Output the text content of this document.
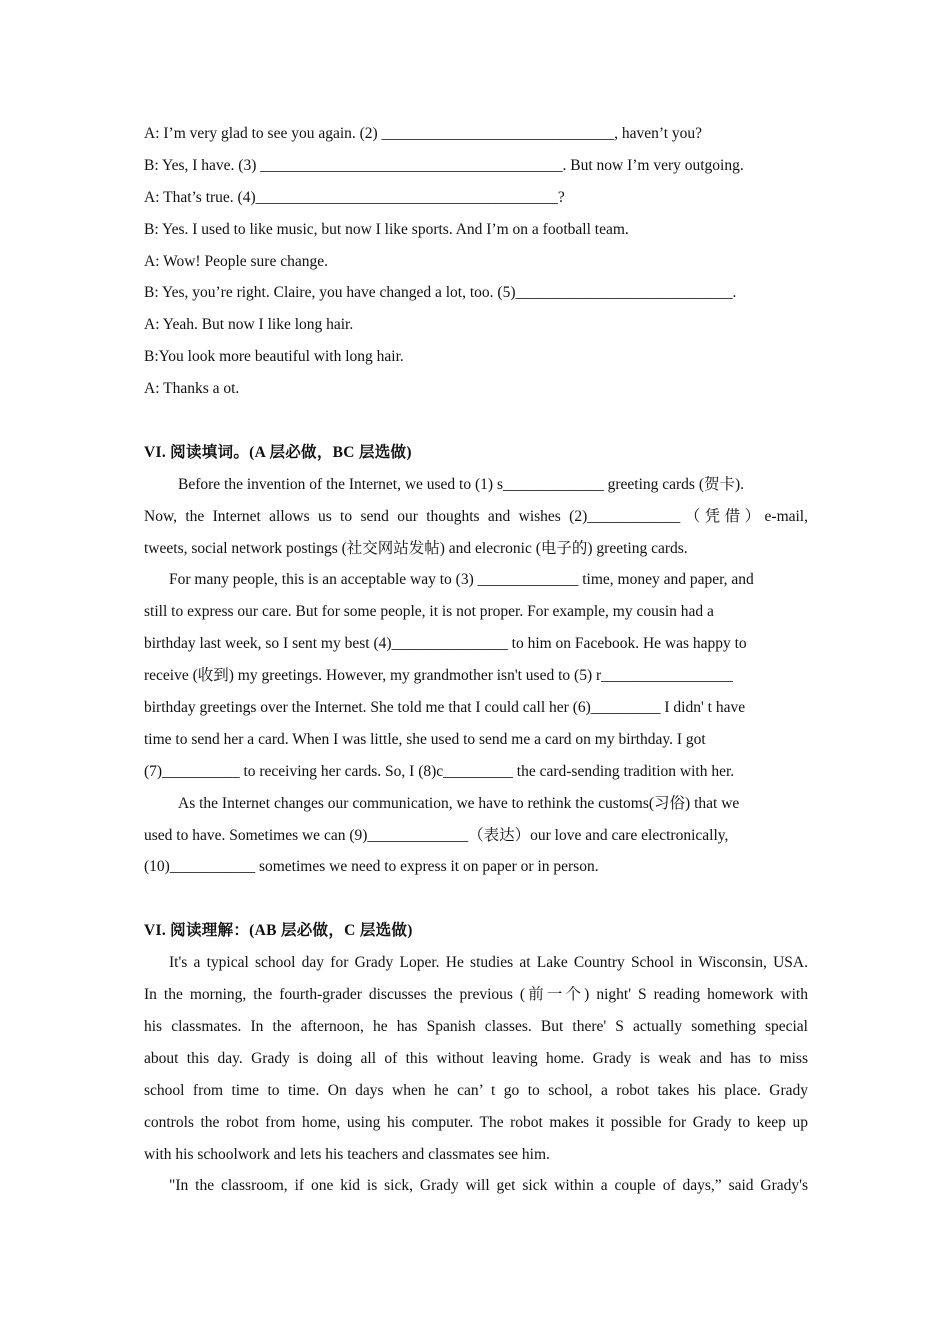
A: I’m very glad to see you again. (2) ______________________________, haven’t you?
B: Yes, I have. (3) _______________________________________. But now I’m very outgoing.
A: That’s true. (4)_______________________________________?
B: Yes. I used to like music, but now I like sports. And I’m on a football team.
A: Wow! People sure change.
B: Yes, you’re right. Claire, you have changed a lot, too. (5)____________________________.
A: Yeah. But now I like long hair.
B:You look more beautiful with long hair.
A: Thanks a ot.
VI. 阅读填词。(A 层必做，BC 层选做)
Before the invention of the Internet, we used to (1) s_____________ greeting cards (贺卡).
Now, the Internet allows us to send our thoughts and wishes (2)____________（凭借）e-mail,
tweets, social network postings (社交网站发帖) and elecronic (电子的) greeting cards.
For many people, this is an acceptable way to (3) _____________ time, money and paper, and
still to express our care. But for some people, it is not proper. For example, my cousin had a
birthday last week, so I sent my best (4)_______________ to him on Facebook. He was happy to
receive (收到) my greetings. However, my grandmother isn't used to (5) r_________________
birthday greetings over the Internet. She told me that I could call her (6)_________ I didn' t have
time to send her a card. When I was little, she used to send me a card on my birthday. I got
(7)__________ to receiving her cards. So, I (8)c_________ the card-sending tradition with her.
As the Internet changes our communication, we have to rethink the customs(习俗) that we
used to have. Sometimes we can (9)_____________（表达）our love and care electronically,
(10)___________ sometimes we need to express it on paper or in person.
VI. 阅读理解：(AB 层必做，C 层选做)
It's a typical school day for Grady Loper. He studies at Lake Country School in Wisconsin, USA.
In the morning, the fourth-grader discusses the previous (前一个) night' S reading homework with
his classmates. In the afternoon, he has Spanish classes. But there' S actually something special
about this day. Grady is doing all of this without leaving home. Grady is weak and has to miss
school from time to time. On days when he can’ t go to school, a robot takes his place. Grady
controls the robot from home, using his computer. The robot makes it possible for Grady to keep up
with his schoolwork and lets his teachers and classmates see him.
"In the classroom, if one kid is sick, Grady will get sick within a couple of days,” said Grady's
